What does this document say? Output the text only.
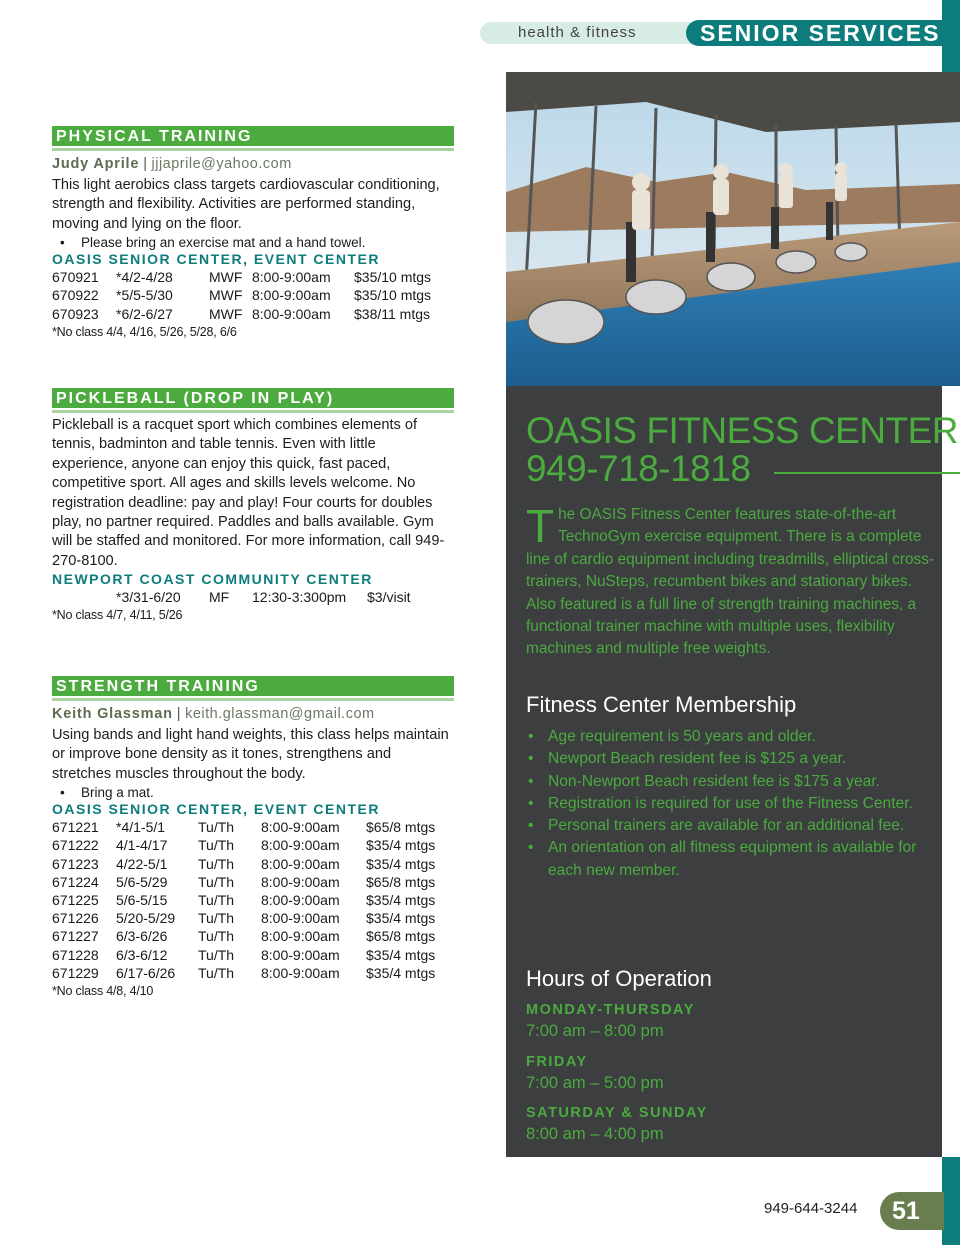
health & fitness	SENIOR SERVICES
PHYSICAL TRAINING
Judy Aprile | jjjaprile@yahoo.com
This light aerobics class targets cardiovascular conditioning, strength and flexibility. Activities are performed standing, moving and lying on the floor.
• Please bring an exercise mat and a hand towel.
OASIS SENIOR CENTER, EVENT CENTER
670921 *4/2-4/28	MWF 8:00-9:00am $35/10 mtgs
670922 *5/5-5/30	MWF 8:00-9:00am $35/10 mtgs
670923 *6/2-6/27	MWF 8:00-9:00am $38/11 mtgs
*No class 4/4, 4/16, 5/26, 5/28, 6/6
PICKLEBALL (DROP IN PLAY)
Pickleball is a racquet sport which combines elements of tennis, badminton and table tennis. Even with little experience, anyone can enjoy this quick, fast paced, competitive sport. All ages and skills levels welcome. No registration deadline: pay and play! Four courts for doubles play, no partner required. Paddles and balls available. Gym will be staffed and monitored. For more information, call 949-270-8100.
NEWPORT COAST COMMUNITY CENTER
*3/31-6/20 MF 12:30-3:300pm $3/visit
*No class 4/7, 4/11, 5/26
STRENGTH TRAINING
Keith Glassman | keith.glassman@gmail.com
Using bands and light hand weights, this class helps maintain or improve bone density as it tones, strengthens and stretches muscles throughout the body.
• Bring a mat.
OASIS SENIOR CENTER, EVENT CENTER
671221 *4/1-5/1 Tu/Th 8:00-9:00am $65/8 mtgs
671222 4/1-4/17 Tu/Th 8:00-9:00am $35/4 mtgs
671223 4/22-5/1 Tu/Th 8:00-9:00am $35/4 mtgs
671224 5/6-5/29 Tu/Th 8:00-9:00am $65/8 mtgs
671225 5/6-5/15 Tu/Th 8:00-9:00am $35/4 mtgs
671226 5/20-5/29 Tu/Th 8:00-9:00am $35/4 mtgs
671227 6/3-6/26 Tu/Th 8:00-9:00am $65/8 mtgs
671228 6/3-6/12 Tu/Th 8:00-9:00am $35/4 mtgs
671229 6/17-6/26 Tu/Th 8:00-9:00am $35/4 mtgs
*No class 4/8, 4/10
OASIS FITNESS CENTER
949-718-1818
The OASIS Fitness Center features state-of-the-art TechnoGym exercise equipment. There is a complete line of cardio equipment including treadmills, elliptical cross-trainers, NuSteps, recumbent bikes and stationary bikes. Also featured is a full line of strength training machines, a functional trainer machine with multiple uses, flexibility machines and multiple free weights.
Fitness Center Membership
• Age requirement is 50 years and older.
• Newport Beach resident fee is $125 a year.
• Non-Newport Beach resident fee is $175 a year.
• Registration is required for use of the Fitness Center.
• Personal trainers are available for an additional fee.
• An orientation on all fitness equipment is available for each new member.
Hours of Operation
MONDAY-THURSDAY
7:00 am – 8:00 pm
FRIDAY
7:00 am – 5:00 pm
SATURDAY & SUNDAY
8:00 am – 4:00 pm
949-644-3244	51
